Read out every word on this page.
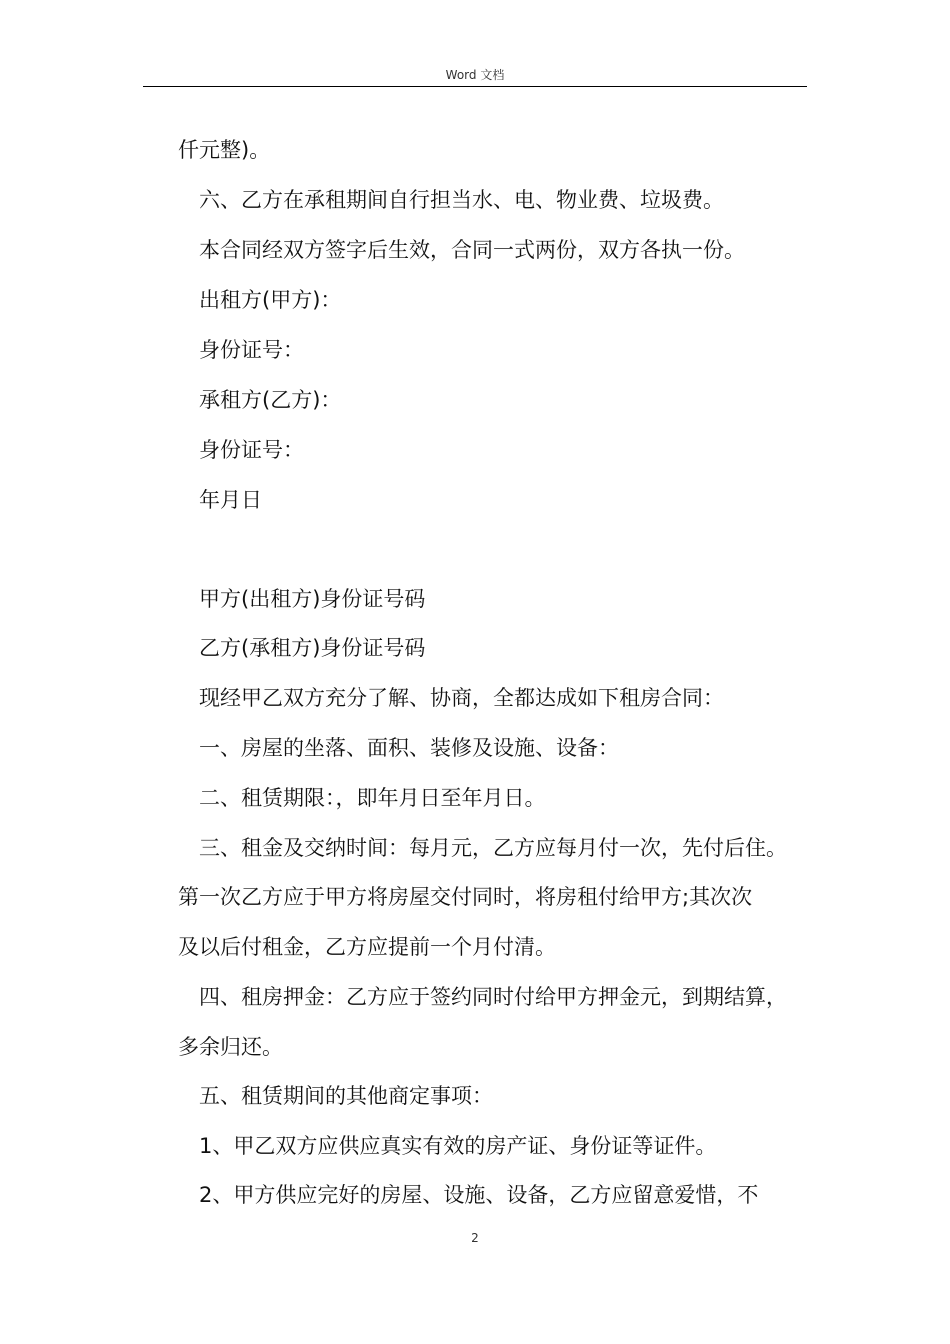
Word 文档
仟元整)。
六、乙方在承租期间自行担当水、电、物业费、垃圾费。
本合同经双方签字后生效，合同一式两份，双方各执一份。
出租方(甲方)：
身份证号：
承租方(乙方)：
身份证号：
年月日
甲方(出租方)身份证号码
乙方(承租方)身份证号码
现经甲乙双方充分了解、协商，全都达成如下租房合同：
一、房屋的坐落、面积、装修及设施、设备：
二、租赁期限：，即年月日至年月日。
三、租金及交纳时间：每月元，乙方应每月付一次，先付后住。
第一次乙方应于甲方将房屋交付同时，将房租付给甲方;其次次
及以后付租金，乙方应提前一个月付清。
四、租房押金：乙方应于签约同时付给甲方押金元，到期结算，
多余归还。
五、租赁期间的其他商定事项：
1、甲乙双方应供应真实有效的房产证、身份证等证件。
2、甲方供应完好的房屋、设施、设备，乙方应留意爱惜，不
2
